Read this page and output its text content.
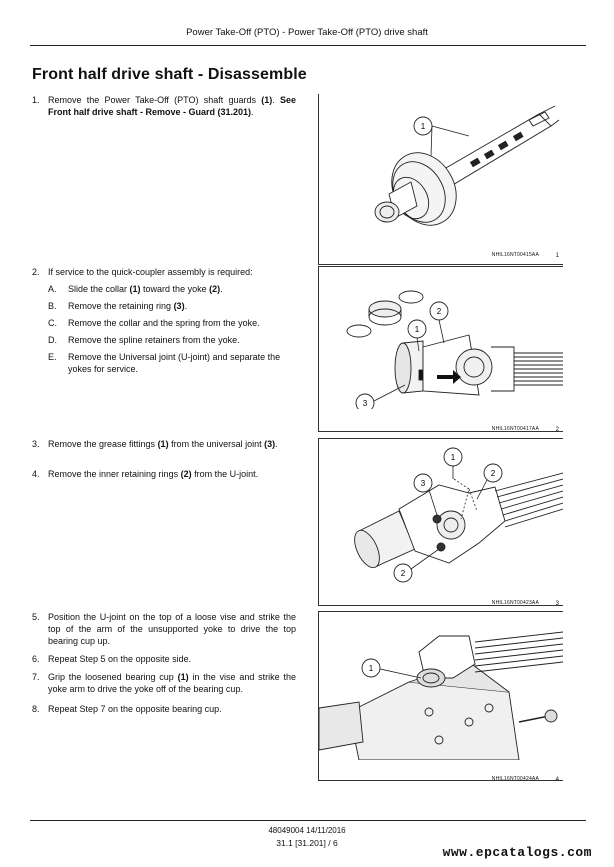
Power Take-Off (PTO) - Power Take-Off (PTO) drive shaft
Front half drive shaft - Disassemble
1. Remove the Power Take-Off (PTO) shaft guards (1). See Front half drive shaft - Remove - Guard (31.201).
2. If service to the quick-coupler assembly is required:
A.	Slide the collar (1) toward the yoke (2).
B.	Remove the retaining ring (3).
C.	Remove the collar and the spring from the yoke.
D.	Remove the spline retainers from the yoke.
E.	Remove the Universal joint (U-joint) and separate the yokes for service.
3. Remove the grease fittings (1) from the universal joint (3).
4. Remove the inner retaining rings (2) from the U-joint.
5. Position the U-joint on the top of a loose vise and strike the top of the arm of the unsupported yoke to drive the top bearing cup up.
6. Repeat Step 5 on the opposite side.
7. Grip the loosened bearing cup (1) in the vise and strike the yoke arm to drive the yoke off of the bearing cup.
8. Repeat Step 7 on the opposite bearing cup.
1
NHIL16NT00415AA	1
1
2
3
NHIL16NT00417AA	2
1
2
3
2
NHIL16NT00423AA	3
1
NHIL16NT00424AA	4
48049004 14/11/2016
31.1 [31.201] / 6
www.epcatalogs.com
